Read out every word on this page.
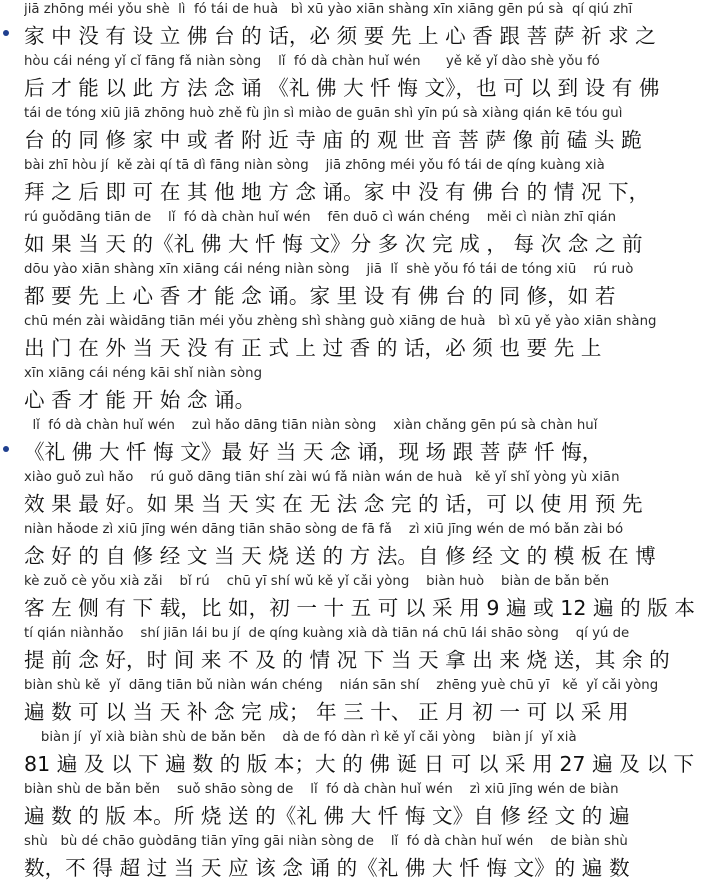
jiā zhōng méi yǒu shè  lì  fó tái de huà   bì xū yào xiān shàng xīn xiāng gēn pú sà  qí qiú zhī
家 中 没 有 设 立 佛 台 的 话，必 须 要 先 上 心 香 跟 菩 萨 祈 求 之
hòu cái néng yǐ cǐ fāng fǎ niàn sòng    lǐ  fó dà chàn huǐ wén      yě kě yǐ dào shè yǒu fó
后 才 能 以 此 方 法 念 诵 《礼 佛 大 忏 悔 文》，也 可 以 到 设 有 佛
tái de tóng xiū jiā zhōng huò zhě fù jìn sì miào de guān shì yīn pú sà xiàng qián kē tóu guì
台 的 同 修 家 中 或 者 附 近 寺 庙 的 观 世 音 菩 萨 像 前 磕 头 跪
bài zhī hòu jí  kě zài qí tā dì fāng niàn sòng    jiā zhōng méi yǒu fó tái de qíng kuàng xià
拜 之 后 即 可 在 其 他 地 方 念 诵。家 中 没 有 佛 台 的 情 况 下，
rú guǒdāng tiān de    lǐ  fó dà chàn huǐ wén    fēn duō cì wán chéng    měi cì niàn zhī qián
如 果 当 天 的《礼 佛 大 忏 悔 文》分 多 次 完 成 ， 每 次 念 之 前
dōu yào xiān shàng xīn xiāng cái néng niàn sòng    jiā  lǐ  shè yǒu fó tái de tóng xiū    rú ruò
都 要 先 上 心 香 才 能 念 诵。家 里 设 有 佛 台 的 同 修，如 若
chū mén zài wàidāng tiān méi yǒu zhèng shì shàng guò xiāng de huà   bì xū yě yào xiān shàng
出 门 在 外 当 天 没 有 正 式 上 过 香 的 话，必 须 也 要 先 上
xīn xiāng cái néng kāi shǐ niàn sòng
心 香 才 能 开 始 念 诵。
lǐ  fó dà chàn huǐ wén    zuì hǎo dāng tiān niàn sòng    xiàn chǎng gēn pú sà chàn huǐ
《礼 佛 大 忏 悔 文》最 好 当 天 念 诵，现 场 跟 菩 萨 忏 悔，
xiào guǒ zuì hǎo    rú guǒ dāng tiān shí zài wú fǎ niàn wán de huà   kě yǐ shǐ yòng yù xiān
效 果 最 好。如 果 当 天 实 在 无 法 念 完 的 话，可 以 使 用 预 先
niàn hǎode zì xiū jīng wén dāng tiān shāo sòng de fā fǎ    zì xiū jīng wén de mó bǎn zài bó
念 好 的 自 修 经 文 当 天 烧 送 的 方 法。自 修 经 文 的 模 板 在 博
kè zuǒ cè yǒu xià zǎi    bǐ rú    chū yī shí wǔ kě yǐ cǎi yòng    biàn huò    biàn de bǎn běn
客 左 侧 有 下 载，比 如，初 一 十 五 可 以 采 用 9 遍 或 12 遍 的 版 本
tí qián niànhǎo    shí jiān lái bu jí  de qíng kuàng xià dà tiān ná chū lái shāo sòng    qí yú de
提 前 念 好，时 间 来 不 及 的 情 况 下 当 天 拿 出 来 烧 送，其 余 的
biàn shù kě  yǐ  dāng tiān bǔ niàn wán chéng    nián sān shí    zhēng yuè chū yī   kě  yǐ cǎi yòng
遍 数 可 以 当 天 补 念 完 成； 年 三 十、 正 月 初 一 可 以 采 用
biàn jí  yǐ xià biàn shù de bǎn běn    dà de fó dàn rì kě yǐ cǎi yòng    biàn jí  yǐ xià
81 遍 及 以 下 遍 数 的 版 本；大 的 佛 诞 日 可 以 采 用 27 遍 及 以 下
biàn shù de bǎn běn    suǒ shāo sòng de    lǐ  fó dà chàn huǐ wén    zì xiū jīng wén de biàn
遍 数 的 版 本。所 烧 送 的《礼 佛 大 忏 悔 文》自 修 经 文 的 遍
shù   bù dé chāo guòdāng tiān yīng gāi niàn sòng de    lǐ  fó dà chàn huǐ wén    de biàn shù
数，不 得 超 过 当 天 应 该 念 诵 的《礼 佛 大 忏 悔 文》的 遍 数
